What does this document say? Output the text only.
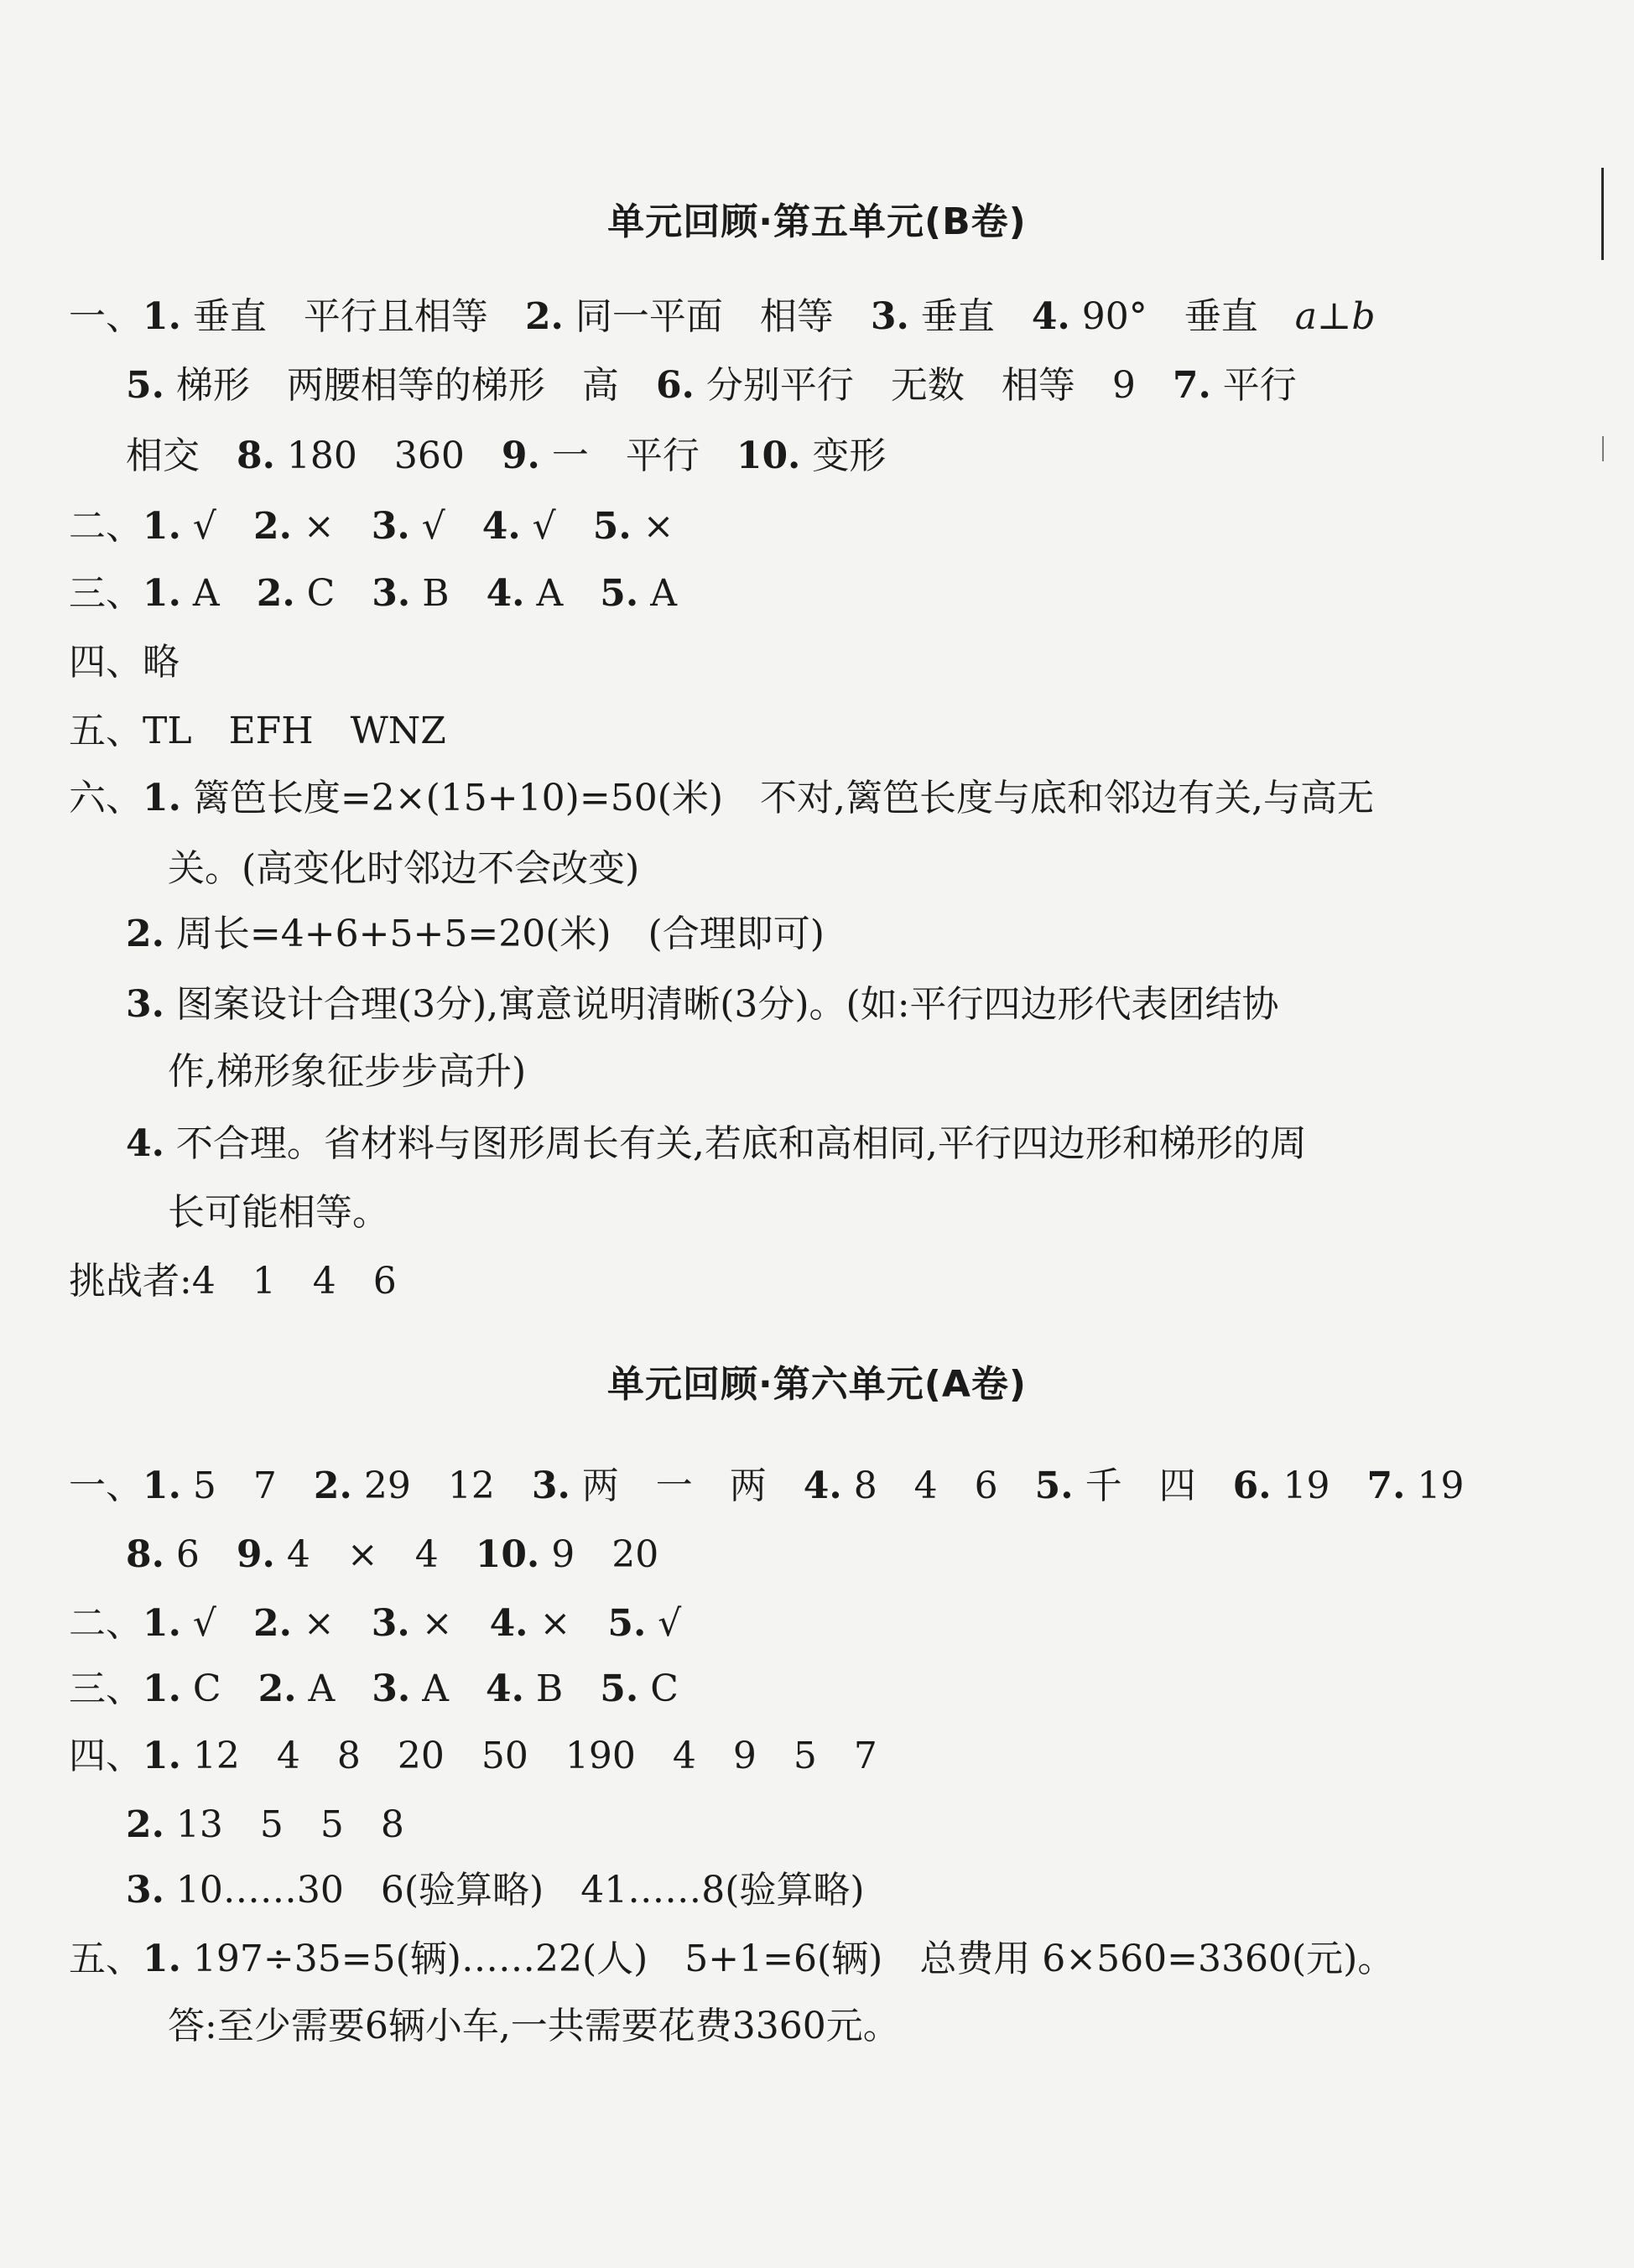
单元回顾·第五单元(B卷)
一、1. 垂直　平行且相等　2. 同一平面　相等　3. 垂直　4. 90°　垂直　a⊥b
5. 梯形　两腰相等的梯形　高　6. 分别平行　无数　相等　9　7. 平行
相交　8. 180　360　9. 一　平行　10. 变形
二、1. √　2. ×　3. √　4. √　5. ×
三、1. A　2. C　3. B　4. A　5. A
四、略
五、TL　EFH　WNZ
六、1. 篱笆长度=2×(15+10)=50(米)　不对,篱笆长度与底和邻边有关,与高无
关。(高变化时邻边不会改变)
2. 周长=4+6+5+5=20(米)　(合理即可)
3. 图案设计合理(3分),寓意说明清晰(3分)。(如:平行四边形代表团结协
作,梯形象征步步高升)
4. 不合理。省材料与图形周长有关,若底和高相同,平行四边形和梯形的周
长可能相等。
挑战者:4　1　4　6
单元回顾·第六单元(A卷)
一、1. 5　7　2. 29　12　3. 两　一　两　4. 8　4　6　5. 千　四　6. 19　7. 19
8. 6　9. 4　×　4　10. 9　20
二、1. √　2. ×　3. ×　4. ×　5. √
三、1. C　2. A　3. A　4. B　5. C
四、1. 12　4　8　20　50　190　4　9　5　7
2. 13　5　5　8
3. 10……30　6(验算略)　41……8(验算略)
五、1. 197÷35=5(辆)……22(人)　5+1=6(辆)　总费用 6×560=3360(元)。
答:至少需要6辆小车,一共需要花费3360元。
